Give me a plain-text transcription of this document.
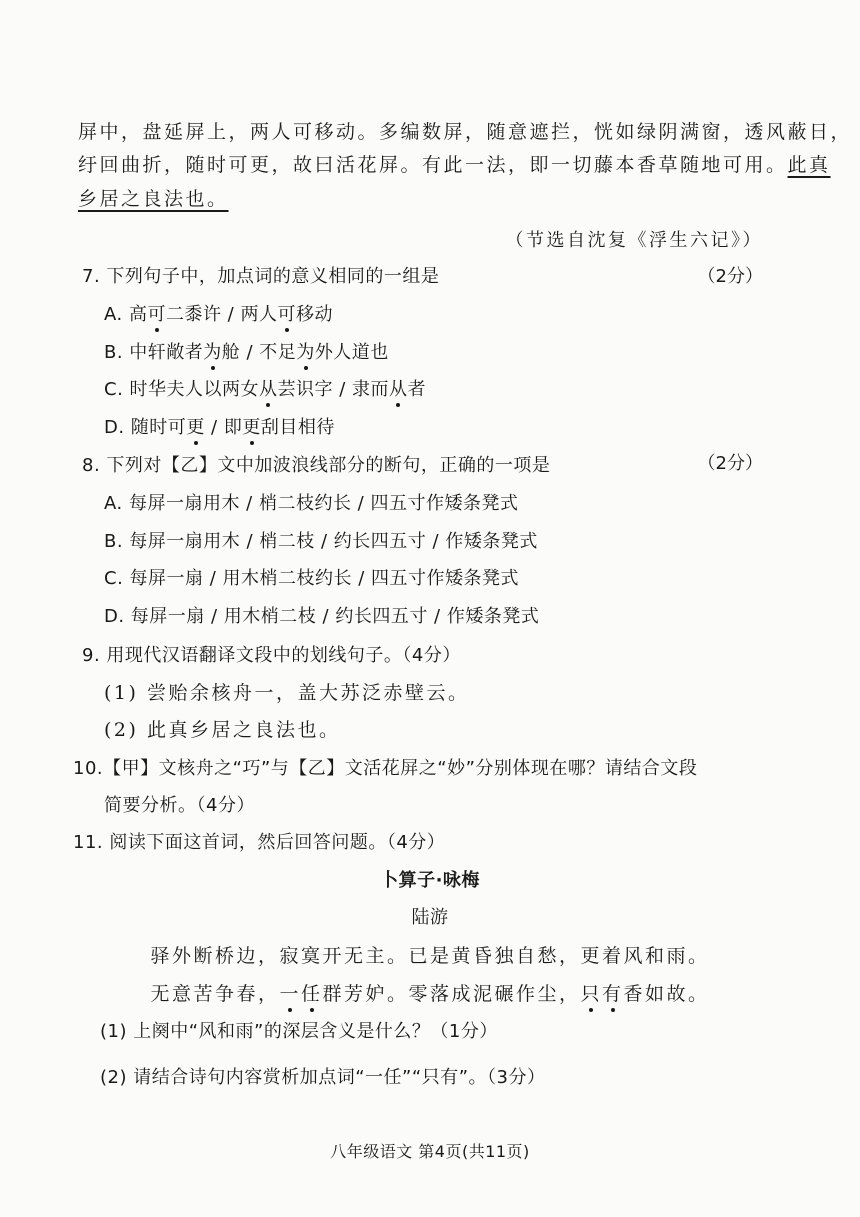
屏中，盘延屏上，两人可移动。多编数屏，随意遮拦，恍如绿阴满窗，透风蔽日，
纡回曲折，随时可更，故曰活花屏。有此一法，即一切藤本香草随地可用。此真
乡居之良法也。
（节选自沈复《浮生六记》）
7. 下列句子中，加点词的意义相同的一组是	（2分）
A. 高可二黍许 / 两人可移动
B. 中轩敞者为舱 / 不足为外人道也
C. 时华夫人以两女从芸识字 / 隶而从者
D. 随时可更 / 即更刮目相待
8. 下列对【乙】文中加波浪线部分的断句，正确的一项是	（2分）
A. 每屏一扇用木 / 梢二枝约长 / 四五寸作矮条凳式
B. 每屏一扇用木 / 梢二枝 / 约长四五寸 / 作矮条凳式
C. 每屏一扇 / 用木梢二枝约长 / 四五寸作矮条凳式
D. 每屏一扇 / 用木梢二枝 / 约长四五寸 / 作矮条凳式
9. 用现代汉语翻译文段中的划线句子。（4分）
(1) 尝贻余核舟一，盖大苏泛赤壁云。
(2) 此真乡居之良法也。
10.【甲】文核舟之“巧”与【乙】文活花屏之“妙”分别体现在哪？请结合文段
简要分析。（4分）
11. 阅读下面这首词，然后回答问题。（4分）
卜算子·咏梅
陆游
驿外断桥边，寂寞开无主。已是黄昏独自愁，更着风和雨。
无意苦争春，一任群芳妒。零落成泥碾作尘，只有香如故。
(1) 上阕中“风和雨”的深层含义是什么？（1分）
(2) 请结合诗句内容赏析加点词“一任”“只有”。（3分）
八年级语文 第4页(共11页)
